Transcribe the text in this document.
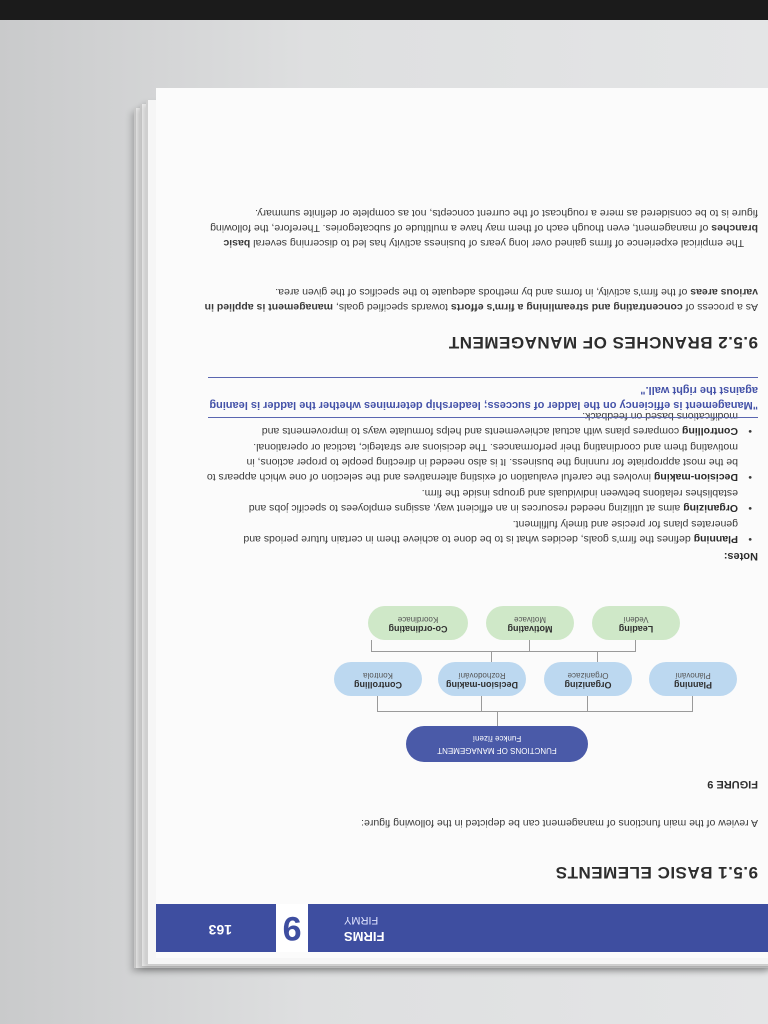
FIRMS
FIRMY
9
163
9.5.1 BASIC ELEMENTS
A review of the main functions of management can be depicted in the following figure:
FIGURE 9
FUNCTIONS OF MANAGEMENT
Funkce řízení
Planning
Plánování
Organizing
Organizace
Decision-making
Rozhodování
Controlling
Kontrola
Leading
Vedení
Motivating
Motivace
Co-ordinating
Koordinace
Notes:
• Planning defines the firm's goals, decides what is to be done to achieve them in certain future periods and generates plans for precise and timely fulfilment.
• Organizing aims at utilizing needed resources in an efficient way, assigns employees to specific jobs and establishes relations between individuals and groups inside the firm.
• Decision-making involves the careful evaluation of existing alternatives and the selection of one which appears to be the most appropriate for running the business. It is also needed in directing people to proper actions, in motivating them and coordinating their performances. The decisions are strategic, tactical or operational.
• Controlling compares plans with actual achievements and helps formulate ways to improvements and modifications based on feedback.
"Management is efficiency on the ladder of success; leadership determines whether the ladder is leaning against the right wall."
9.5.2 BRANCHES OF MANAGEMENT
As a process of concentrating and streamlining a firm's efforts towards specified goals, management is applied in various areas of the firm's activity, in forms and by methods adequate to the specifics of the given area.
The empirical experience of firms gained over long years of business activity has led to discerning several basic branches of management, even though each of them may have a multitude of subcategories. Therefore, the following figure is to be considered as mere a roughcast of the current concepts, not as complete or definite summary.
